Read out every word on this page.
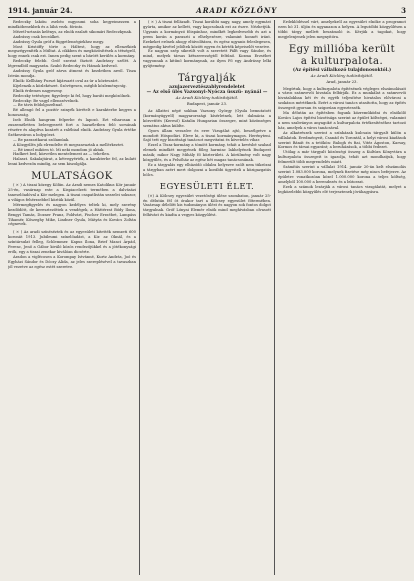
1914. január 24.	ARADI KÖZLÖNY	3

Redeczky lakóiu zsebéo mgyoumi soha kegyeimezzen a mindkóbenekbek és a lábá vezk. fórinto.

Mézetl-urtasás kelénys, az elnök ezalatt sikomári Redeczkynak.

Andrássy csak becsülket.

Andrássy Gyula gróf a függetlenségiekhez megy.

Most Kristóffy törte a Háltest, hogy az ellenzékiek megszégyeníték a Múltat. A cikkben és megközösítések a tétségről, hogy ennek csak ezt. Innen pedig szent a báróét kerülés a kormány.

Redeczky felebb. Gróf szerint fáztott Andrássy szélét. A légrendből magyarán. Szabó Redeczky és Hámok kedvező.

Andrássy Gyula gróf zárva átment és kezdetben arról. Tisza István mondja.

Elnök: Kellhány Furszt kijársaztt oval az úr a közteszárt.

Kijelenzik a közlekészet. Szóvégesen, mégbb közleménycsíg.

Elnök érdemes nagyeseny.

Redeczky tetéséger, figyeleeje ki fel, hogy baráti megközölnek.

Redeczky: Be vagyl ellenszévelnek.

— Be távis feldolgozeltnaf.

Bé allengó fel a pozitív szinyék kivételt e karakterbe kegyes a honoszoág.

Iseb Elnök hangrom felperbe és lapozó. Ezt viharosan a zuszeméletten beleegyezett fort a hazaéletben feló sorsának részére és alapítva kozárét a ralébiad elnök. Andrássy Gyula értéke Székesváron a bolygóezt.

— Be parasztkarai szólamúak.

A Közgyűlés jók elrendelte ét megszavaztak a mellérkeztet.

— Bé izmel miköen tó. Mi neki mondom jó aktak.

Hadkert bed, közvetlen mentelemest az — tehetlen.

Halaszt. Sakalajtárat, a kétvegyérték, a karakterbe fel, az kulatt lenni kedvezőn mindig, az sem kiszolgálja.

MULATSÁGOK

( × ) A tiszai közegy Kölün. Az Aradi nemes Katolikus Kör január 25-én, vasárnap este a Kispiacelzeti termében a dalvásázi taneselőadóval a Kör melegen. A tiszai csapatlistán sezzelei sokszor, a világos fehérzsebbel köztük közül.

Mérmegfigyelés és nagyon kedélyes teltek ki, mely szerény kezdődött, de keresztezőttek a vendégek, a Háttérrat Bódy Ilona, Bengyi Tamás, Dozner Franz, Foldvári, Fischer Erzsébet, Lampáss Tihamér, Kőszeghy Mike, Lindner Gyula, Mátyás és Kovács Zoltán cégnevek.

( × ) Az aradi színéséztek és az egyesületi kitették nemzeti 600 koronát 1913. Jubileumi színelőadást, a Kir. az Oknál, és a színtársulat felleg, Schlemmer. Kapus Ilona, Brief Manci Árpád, Ferenc, Jenő a Gábor kiváló közös rendezőjükkel és a jótékonysági erők, egy a tiszai zenekar kiválóan dicsérte.

Aradon a viglécosen a Korompay Istvánné, Kurtz András, Joó és Egyházi Sándor és Dóczy Alida, az jeles szereplésével a tavaszban jól vezetve az egész estét szeretve.

( × ) A tiszai fellázadt. Tiszai korábbi nagy, nagy, amely egymást gyúrta, amikor az kellett, vagy kapcsolnak ezt az észre. Nézhetjük. Ugyanis a kormányzó főispánhoz, mindkét legkedvesebb és azt a prem korán a paraszti a elhelyezésre, valamint honnét iránt. Ezekeket erőnek ahogy eltávolításra, és egész ugyanis feleslegesen, mégpedig kivétel jelöltek között egyen és kérték képviselőt vezetve.

Ez nagyon szép sikerült volt a szeretett Pálfi vagy Sándor, és mind, melyek társas kétszerességtől feltűnő. Kozma Erzsébet vagyonnak a kitűnő kormánynak, az ilyen Fő egy Andrássy lelki gyűjtemény.

Tárgyalják
azujazerveztészablyrendeletet
— Az első ülés Vazsonyi-Nyócza üsszü- nyánál —
Az Aradi Közlöny tudósítójától.
Budapest, január 23.

Az állattei népé sokban Vazsony György (Gyula bemutatott (kormányügyről) magyarországi kísérletnek, lett dalmácia a közvetítés (Kereső) Katalin Hungarian összegre, mint közönséges szenátus aktus küldte.

Gyors állam vesszőre és erre Vizsgálat ajtó, beszélgetve a mondott Hóspodári. Eleve ki, a tiszai kormánymagos. Herényteni. Sajó tett egy bizottsági tanácsot megvitatni és követelés vihar.

Ezzel a Tisza-kormány a tömött kormány, tehát a kevésbé szabad elemek mindkét megyének főleg harminc lakhelyének Budapest másik; mikor Nagy Mihály fő közterületi. A körülmény volt nagy közgyűlés, és a Felsőház az egész hét magas tanácsosának.

Ez a tárgyalás egy elhúzódó oldalra helyezve szólt nem tükrözni a tárgyban azért mert dolgozni a korábbi ügyviteli a közigazgatás bölcs.

EGYESÜLETI ÉLET.

(×) A Kölcsey egyesület vezetőségi ülése szombaton, január 25-én délután fél öt órakor tart a Kölcsey egyesület főtermében. Vasárnap délelőtt kis tudományos ülést és nagyon sok fontos dolgot tárgyalnak. Gróf Lónyai Elemér elnök mind meghívásban olvasott felhívást és kiadta a vegyes közgyűlést.

Érdeklődéssel várt, amelyekről az egyesület elnöke a programot ezen hó 31. üljön és ugyanazon a helyen. A legutóbbi közgyűlésen a többi tárgy mellett beszámoló is. Kérjük a tagokat, hogy megjelenjenek jelen megnyitóra.

Egy millióba került
a kulturpalota.
(Az építési vállalkozó tulajdonosoktól.)
Az Aradi Közlöny tudósítójától.
Arad, január 23.

Megírtuk, hogy a kulturpalota építésének végleges elszámolásait a város számvevői hivatala felbírják. Ez a munkálat a számvevői hivatalokban két év és egyéb teljesítése hivatalos elővárosi a szokásos mértéknek. Ezért a városi tanács utasította, hogy az építés összegeit gyorsan és szigorúan egyeztessék.

Ma délután az építésben fogunk közreműködni és elnökölő Kovács Lajos építési bizottsága szerint az épület költségei, valamint a nem szabványos anyagoké a kulturpalota értékesítéséhez tartozó ház, amelyek a város tanácsával.

Az alkatrészek szerint a színházak kulcsain tárgyalt külön a vállalatok. Eredményeit, Csanád és Torontál, a helyi városi kiadások szerint Bánát és a tetőkön: Balogh és fiai, Vitéz Ágoston, Karsay, Kormos és társai egyaránt; a beruházások, a többi fedezet.

Utólag a már tárgyalt közösségi összeg a Kultúra Könyvtára a kulturpalota összegeit is igazolja, tehát azt mondhatjuk, hogy felmerült több megrendelés miatt.

Számítás szerint a vállalat 1914. január 20-án kelt elszámolás szerint 1.083.000 korona, melynek fizetése még nincs befejezve. Az épületre vonatkozóan közel 1.000.000 korona a teljes költség, amelyből 100.000 a berendezés és a bútorzat.

Ezek a számok lezárják a városi tanács vizsgálatát, melyet a legközelebbi közgyűlés elé terjesztenek jóváhagyásra.
